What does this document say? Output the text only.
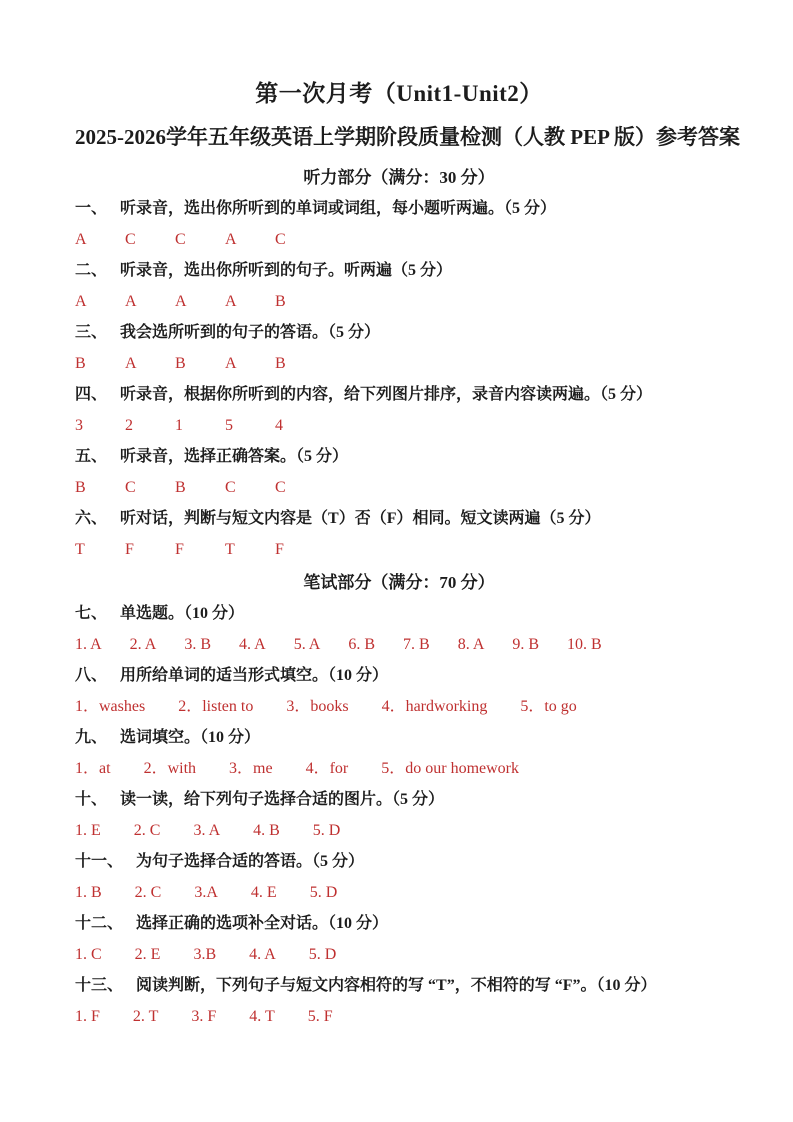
第一次月考（Unit1-Unit2）
2025-2026学年五年级英语上学期阶段质量检测（人教 PEP 版）参考答案
听力部分（满分：30 分）
一、 听录音，选出你所听到的单词或词组，每小题听两遍。（5 分）
A C C A C
二、 听录音，选出你所听到的句子。听两遍（5 分）
A A A A B
三、 我会选所听到的句子的答语。（5 分）
B A B A B
四、 听录音，根据你所听到的内容，给下列图片排序，录音内容读两遍。（5 分）
3	2	1	5	4
五、 听录音，选择正确答案。（5 分）
B C B C C
六、 听对话，判断与短文内容是（T）否（F）相同。短文读两遍（5 分）
T	F	F	T	F
笔试部分（满分：70 分）
七、 单选题。（10 分）
1. A 2. A 3. B 4. A 5. A 6. B 7. B 8. A 9. B 10. B
八、 用所给单词的适当形式填空。（10 分）
1．washes 2．listen to 3．books 4．hardworking 5．to go
九、 选词填空。（10 分）
1．at 2．with 3．me 4．for 5．do our homework
十、 读一读，给下列句子选择合适的图片。（5 分）
1. E 2. C 3. A 4. B 5. D
十一、 为句子选择合适的答语。（5 分）
1. B 2. C 3.A 4. E 5. D
十二、 选择正确的选项补全对话。（10 分）
1. C 2. E 3.B 4. A 5. D
十三、 阅读判断，下列句子与短文内容相符的写 “T”，不相符的写 “F”。（10 分）
1. F 2. T 3. F 4. T 5. F
